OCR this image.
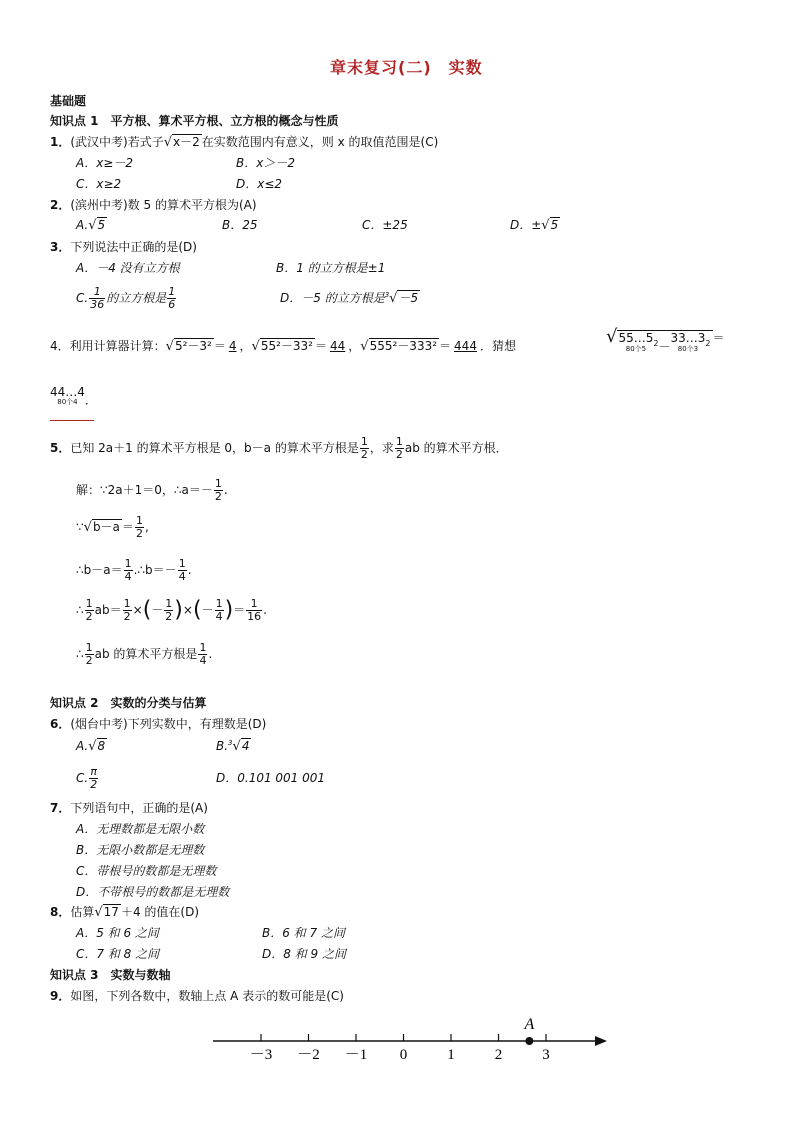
章末复习(二)　实数
基础题
知识点 1　平方根、算术平方根、立方根的概念与性质
1．(武汉中考)若式子√x－2 在实数范围内有意义，则 x 的取值范围是(C)
A．x≥－2	B．x＞－2
C．x≥2	D．x≤2
2．(滨州中考)数 5 的算术平方根为(A)
A.√5	B．25	C．±25	D．±√5
3．下列说法中正确的是(D)
A．－4 没有立方根	B．1 的立方根是±1
C. $\frac{1}{36}$ 的立方根是 $\frac{1}{6}$	D．－5 的立方根是$^3$√－5
4．利用计算器计算：√5²－3² ＝ 4 ，√55²－33² ＝ 44 ，√555²－333² ＝ 444 ．猜想	√ 55…5
80个5
$^2$－
33…3
80个3
$^2$ ＝
44…4
80个4 ．
5．已知 2a＋1 的算术平方根是 0，b－a 的算术平方根是 $\frac{1}{2}$ ，求 $\frac{1}{2}$ ab 的算术平方根．
解：∵2a＋1＝0，∴a＝－ $\frac{1}{2}$ .
∵√b－a ＝ $\frac{1}{2}$ ,
∴b－a＝ $\frac{1}{4}$ .∴b＝－ $\frac{1}{4}$ .
∴ $\frac{1}{2} ab= \frac{1}{2}$ ×(－ $\frac{1}{2}$ )×(－ $\frac{1}{4}$ )＝ $\frac{1}{16}$ .
∴ $\frac{1}{2}$ ab 的算术平方根是 $\frac{1}{4}$ .
知识点 2　实数的分类与估算
6．(烟台中考)下列实数中，有理数是(D)
A.√8	B.$^3$√4
C. $\frac{\pi}{2}$	D．0.101 001 001
7．下列语句中，正确的是(A)
A．无理数都是无限小数
B．无限小数都是无理数
C．带根号的数都是无理数
D．不带根号的数都是无理数
8．估算√17 ＋4 的值在(D)
A．5 和 6 之间	B．6 和 7 之间
C．7 和 8 之间	D．8 和 9 之间
知识点 3　实数与数轴
9．如图，下列各数中，数轴上点 A 表示的数可能是(C)
－3 －2 －1 0	1	2	3
A
